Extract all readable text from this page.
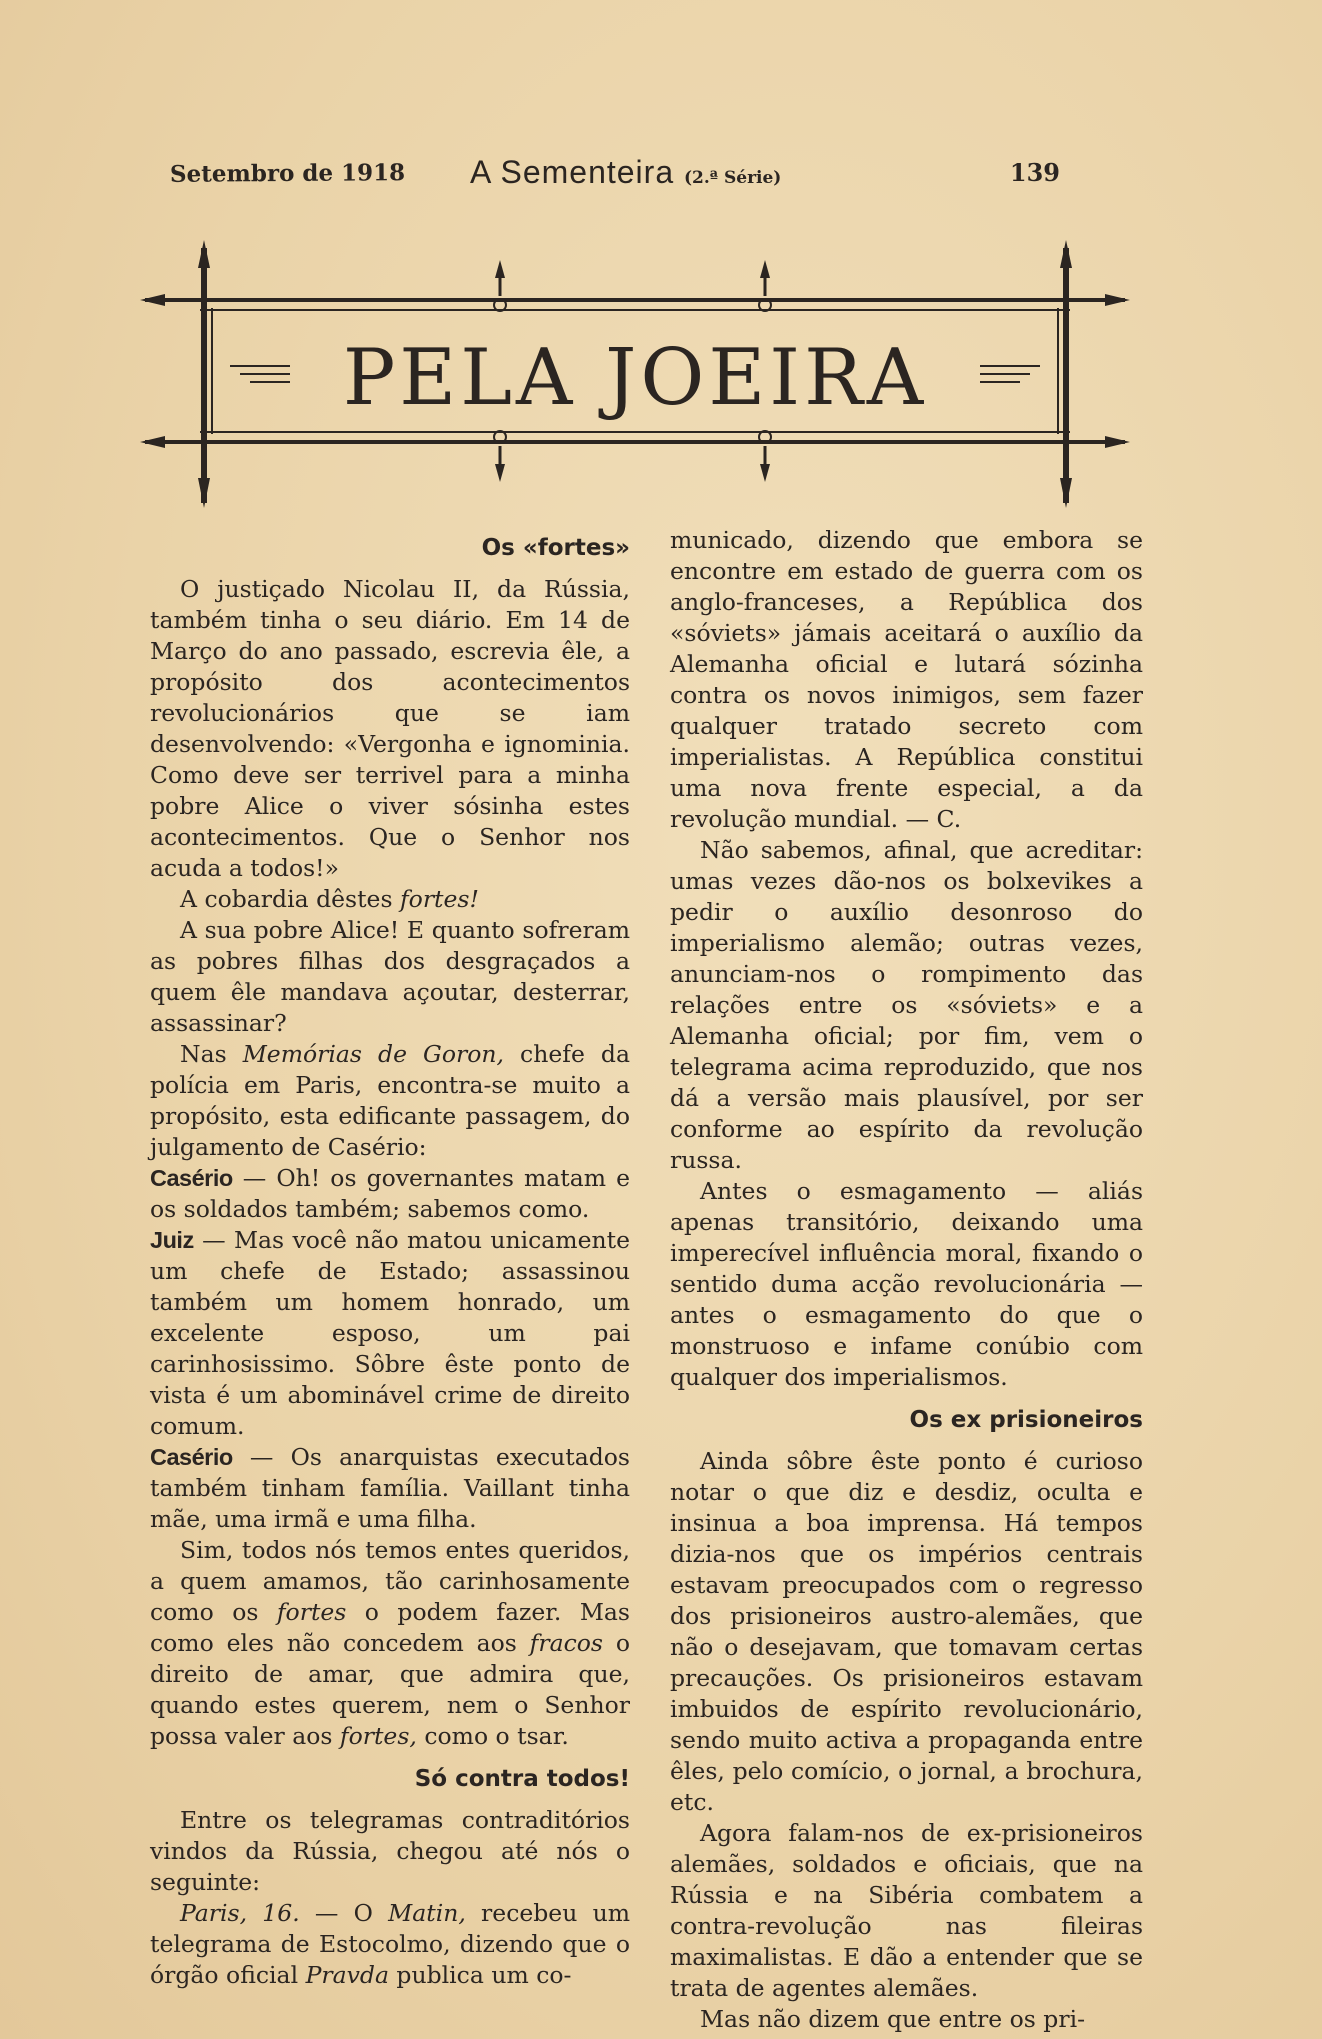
Setembro de 1918 A Sementeira (2.ª Série)	139
PELA JOEIRA
Os «fortes»

O justiçado Nicolau II, da Rússia, também tinha o seu diário. Em 14 de Março do ano passado, escrevia êle, a propósito dos acontecimentos revolucionários que se iam desenvolvendo: «Vergonha e ignominia. Como deve ser terrivel para a minha pobre Alice o viver sósinha estes acontecimentos. Que o Senhor nos acuda a todos!»

A cobardia dêstes fortes!

A sua pobre Alice! E quanto sofreram as pobres filhas dos desgraçados a quem êle mandava açoutar, desterrar, assassinar?

Nas Memórias de Goron, chefe da polícia em Paris, encontra-se muito a propósito, esta edificante passagem, do julgamento de Casério:

Casério — Oh! os governantes matam e os soldados também; sabemos como.

Juiz — Mas você não matou unicamente um chefe de Estado; assassinou também um homem honrado, um excelente esposo, um pai carinhosissimo. Sôbre êste ponto de vista é um abominável crime de direito comum.

Casério — Os anarquistas executados também tinham família. Vaillant tinha mãe, uma irmã e uma filha.

Sim, todos nós temos entes queridos, a quem amamos, tão carinhosamente como os fortes o podem fazer. Mas como eles não concedem aos fracos o direito de amar, que admira que, quando estes querem, nem o Senhor possa valer aos fortes, como o tsar.

Só contra todos!

Entre os telegramas contraditórios vindos da Rússia, chegou até nós o seguinte:

Paris, 16. — O Matin, recebeu um telegrama de Estocolmo, dizendo que o órgão oficial Pravda publica um co-

municado, dizendo que embora se encontre em estado de guerra com os anglo-franceses, a República dos «sóviets» jámais aceitará o auxílio da Alemanha oficial e lutará sózinha contra os novos inimigos, sem fazer qualquer tratado secreto com imperialistas. A República constitui uma nova frente especial, a da revolução mundial. — C.

Não sabemos, afinal, que acreditar: umas vezes dão-nos os bolxevikes a pedir o auxílio desonroso do imperialismo alemão; outras vezes, anunciam-nos o rompimento das relações entre os «sóviets» e a Alemanha oficial; por fim, vem o telegrama acima reproduzido, que nos dá a versão mais plausível, por ser conforme ao espírito da revolução russa.

Antes o esmagamento — aliás apenas transitório, deixando uma imperecível influência moral, fixando o sentido duma acção revolucionária — antes o esmagamento do que o monstruoso e infame conúbio com qualquer dos imperialismos.

Os ex prisioneiros

Ainda sôbre êste ponto é curioso notar o que diz e desdiz, oculta e insinua a boa imprensa. Há tempos dizia-nos que os impérios centrais estavam preocupados com o regresso dos prisioneiros austro-alemães, que não o desejavam, que tomavam certas precauções. Os prisioneiros estavam imbuidos de espírito revolucionário, sendo muito activa a propaganda entre êles, pelo comício, o jornal, a brochura, etc.

Agora falam-nos de ex-prisioneiros alemães, soldados e oficiais, que na Rússia e na Sibéria combatem a contra-revolução nas fileiras maximalistas. E dão a entender que se trata de agentes alemães.

Mas não dizem que entre os pri-
